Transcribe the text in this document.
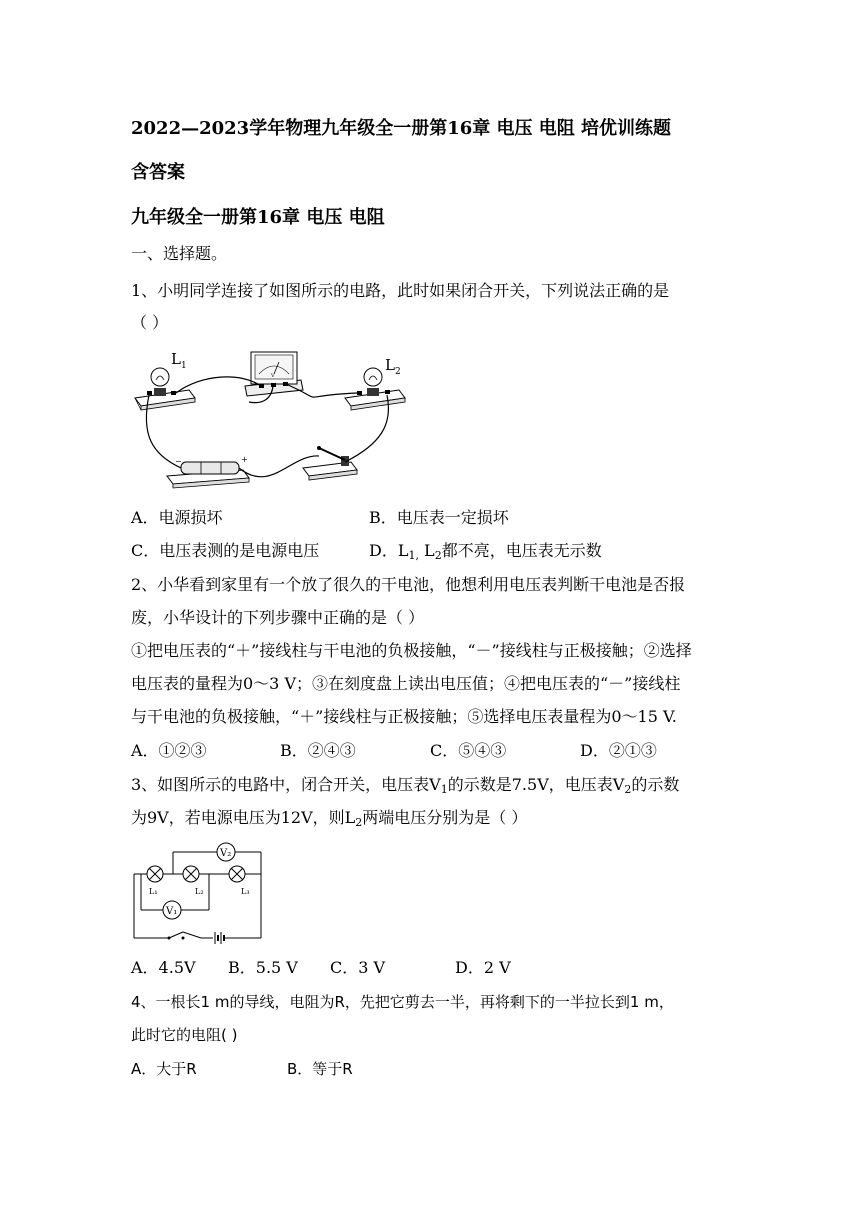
2022—2023学年物理九年级全一册第16章 电压 电阻 培优训练题
含答案
九年级全一册第16章 电压 电阻
一、选择题。
1、小明同学连接了如图所示的电路，此时如果闭合开关，下列说法正确的是
（ ）
L 1
V
L 2
−	+
A．电源损坏	B．电压表一定损坏
C．电压表测的是电源电压	D．$L_{1,}$ $L_2$都不亮，电压表无示数
2、小华看到家里有一个放了很久的干电池，他想利用电压表判断干电池是否报
废，小华设计的下列步骤中正确的是（ ）
①把电压表的“＋”接线柱与干电池的负极接触，“－”接线柱与正极接触；②选择
电压表的量程为0～3 V；③在刻度盘上读出电压值；④把电压表的“－”接线柱
与干电池的负极接触，“＋”接线柱与正极接触；⑤选择电压表量程为0～15 V.
A．①②③	B．②④③	C．⑤④③	D．②①③
3、如图所示的电路中，闭合开关，电压表$V_1$的示数是7.5V，电压表$V_2$的示数
为9V，若电源电压为12V，则$L_2$两端电压分别为是（ ）
V₂
V₁
L₁	L₂	L₃
A．4.5V B．5.5 V C．3 V	D．2 V
4、一根长1 m的导线，电阻为R，先把它剪去一半，再将剩下的一半拉长到1 m，
此时它的电阻( )
A．大于R	B．等于R
